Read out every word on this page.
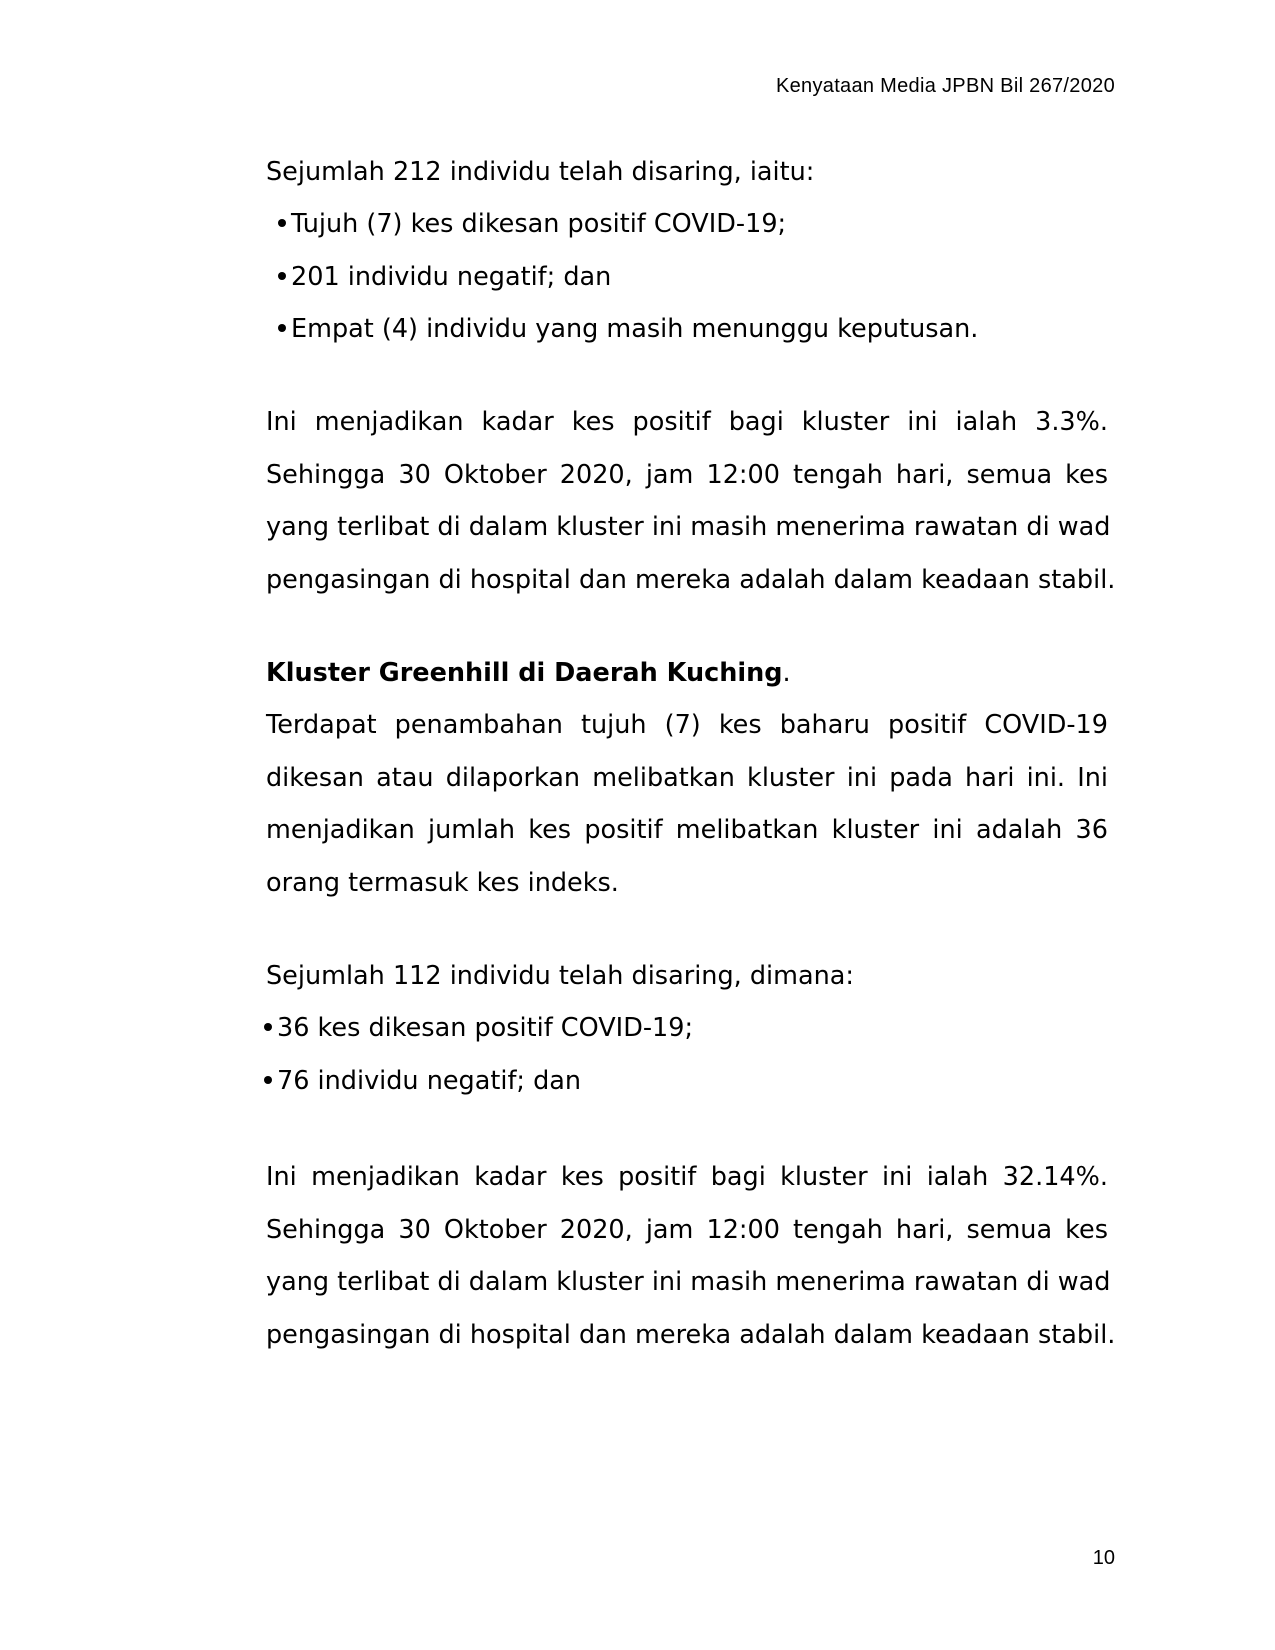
Kenyataan Media JPBN Bil 267/2020
Sejumlah 212 individu telah disaring, iaitu:
Tujuh (7) kes dikesan positif COVID-19;
201 individu negatif; dan
Empat (4) individu yang masih menunggu keputusan.
Ini menjadikan kadar kes positif bagi kluster ini ialah 3.3%.
Sehingga 30 Oktober 2020, jam 12:00 tengah hari, semua kes
yang terlibat di dalam kluster ini masih menerima rawatan di wad
pengasingan di hospital dan mereka adalah dalam keadaan stabil.
Kluster Greenhill di Daerah Kuching.
Terdapat penambahan tujuh (7) kes baharu positif COVID-19
dikesan atau dilaporkan melibatkan kluster ini pada hari ini. Ini
menjadikan jumlah kes positif melibatkan kluster ini adalah 36
orang termasuk kes indeks.
Sejumlah 112 individu telah disaring, dimana:
36 kes dikesan positif COVID-19;
76 individu negatif; dan
Ini menjadikan kadar kes positif bagi kluster ini ialah 32.14%.
Sehingga 30 Oktober 2020, jam 12:00 tengah hari, semua kes
yang terlibat di dalam kluster ini masih menerima rawatan di wad
pengasingan di hospital dan mereka adalah dalam keadaan stabil.
10
